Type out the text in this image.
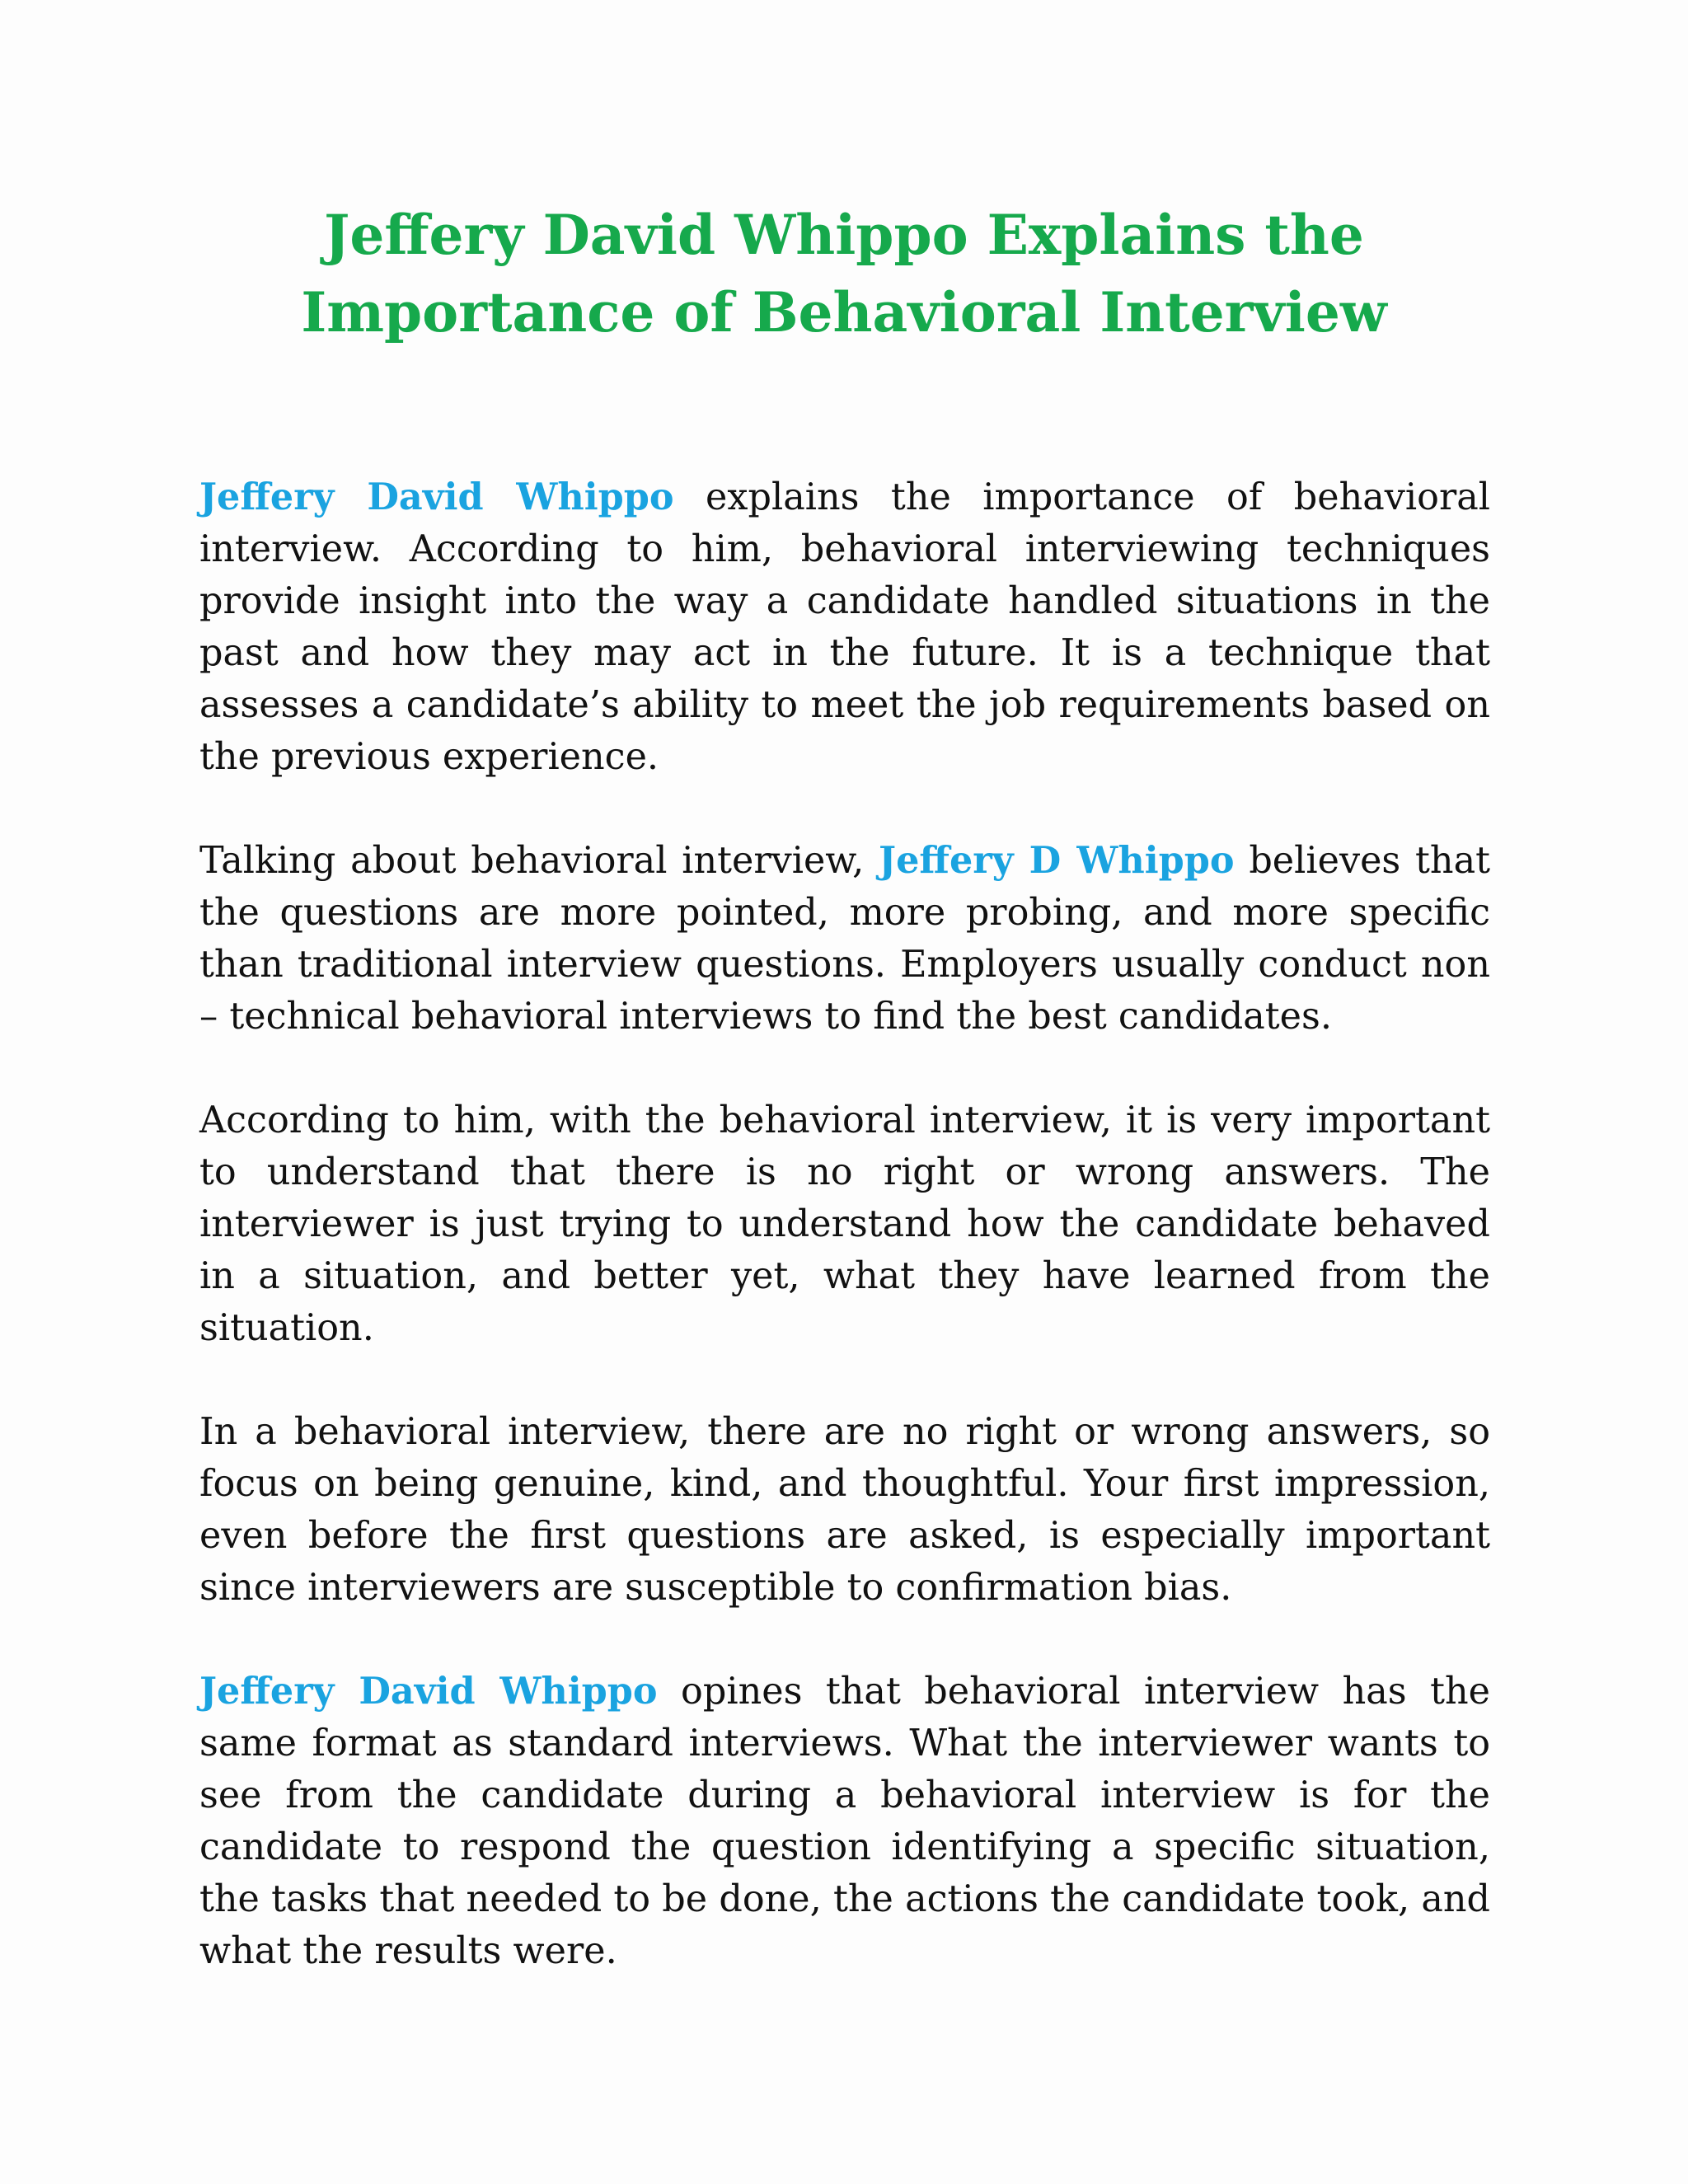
Jeffery David Whippo Explains the
Importance of Behavioral Interview

Jeffery David Whippo explains the importance of behavioral interview. According to him, behavioral interviewing techniques provide insight into the way a candidate handled situations in the past and how they may act in the future. It is a technique that assesses a candidate’s ability to meet the job requirements based on the previous experience.

Talking about behavioral interview, Jeffery D Whippo believes that the questions are more pointed, more probing, and more specific than traditional interview questions. Employers usually conduct non – technical behavioral interviews to find the best candidates.

According to him, with the behavioral interview, it is very important to understand that there is no right or wrong answers. The interviewer is just trying to understand how the candidate behaved in a situation, and better yet, what they have learned from the situation.

In a behavioral interview, there are no right or wrong answers, so focus on being genuine, kind, and thoughtful. Your first impression, even before the first questions are asked, is especially important since interviewers are susceptible to confirmation bias.

Jeffery David Whippo opines that behavioral interview has the same format as standard interviews. What the interviewer wants to see from the candidate during a behavioral interview is for the candidate to respond the question identifying a specific situation, the tasks that needed to be done, the actions the candidate took, and what the results were.
